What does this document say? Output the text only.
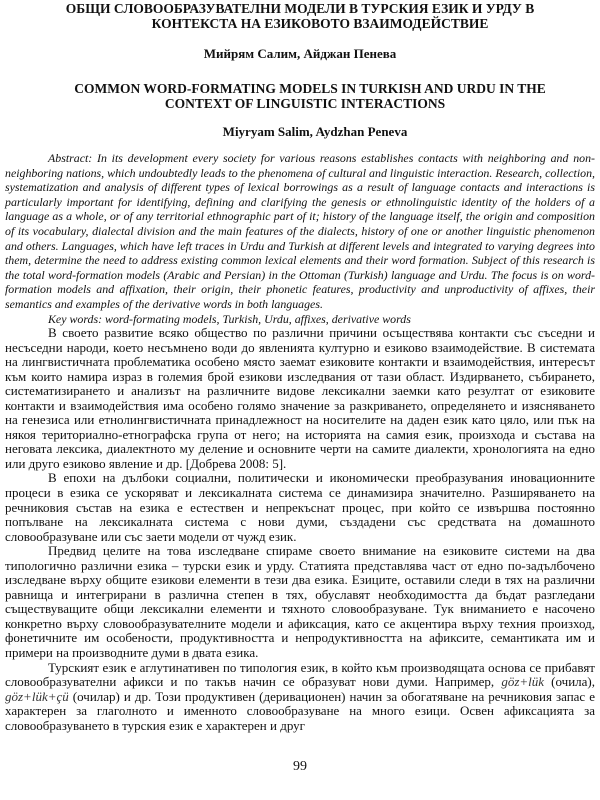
ОБЩИ СЛОВООБРАЗУВАТЕЛНИ МОДЕЛИ В ТУРСКИЯ ЕЗИК И УРДУ В
КОНТЕКСТА НА ЕЗИКОВОТО ВЗАИМОДЕЙСТВИЕ
Мийрям Салим, Айджан Пенева
COMMON WORD-FORMATING MODELS IN TURKISH AND URDU IN THE
CONTEXT OF LINGUISTIC INTERACTIONS
Miyryam Salim, Aydzhan Peneva

Abstract: In its development every society for various reasons establishes contacts with neighboring and non-neighboring nations, which undoubtedly leads to the phenomena of cultural and linguistic interaction. Research, collection, systematization and analysis of different types of lexical borrowings as a result of language contacts and interactions is particularly important for identifying, defining and clarifying the genesis or ethnolinguistic identity of the holders of a language as a whole, or of any territorial ethnographic part of it; history of the language itself, the origin and composition of its vocabulary, dialectal division and the main features of the dialects, history of one or another linguistic phenomenon and others. Languages, which have left traces in Urdu and Turkish at different levels and integrated to varying degrees into them, determine the need to address existing common lexical elements and their word formation. Subject of this research is the total word-formation models (Arabic and Persian) in the Ottoman (Turkish) language and Urdu. The focus is on word-formation models and affixation, their origin, their phonetic features, productivity and unproductivity of affixes, their semantics and examples of the derivative words in both languages.

Key words: word-formating models, Turkish, Urdu, affixes, derivative words

В своето развитие всяко общество по различни причини осъществява контакти със съседни и несъседни народи, което несъмнено води до явленията културно и езиково взаимодействие. В системата на лингвистичната проблематика особено място заемат езиковите контакти и взаимодействия, интересът към които намира израз в големия брой езикови изследвания от тази област. Издирването, събирането, систематизирането и анализът на различните видове лексикални заемки като резултат от езиковите контакти и взаимодействия има особено голямо значение за разкриването, определянето и изясняването на генезиса или етнолингвистичната принадлежност на носителите на даден език като цяло, или пък на някоя териториално-етнографска група от него; на историята на самия език, произхода и състава на неговата лексика, диалектното му деление и основните черти на самите диалекти, хронологията на едно или друго езиково явление и др. [Добрева 2008: 5].

В епохи на дълбоки социални, политически и икономически преобразувания иновационните процеси в езика се ускоряват и лексикалната система се динамизира значително. Разширяването на речниковия състав на езика е естествен и непрекъснат процес, при който се извършва постоянно попълване на лексикалната система с нови думи, създадени със средствата на домашното словообразуване или със заети модели от чужд език.

Предвид целите на това изследване спираме своето внимание на езиковите системи на два типологично различни езика – турски език и урду. Статията представлява част от едно по-задълбочено изследване върху общите езикови елементи в тези два езика. Езиците, оставили следи в тях на различни равнища и интегрирани в различна степен в тях, обуславят необходимостта да бъдат разгледани съществуващите общи лексикални елементи и тяхното словообразуване. Тук вниманието е насочено конкретно върху словообразувателните модели и афиксация, като се акцентира върху техния произход, фонетичните им особености, продуктивността и непродуктивността на афиксите, семантиката им и примери на производните думи в двата езика.

Турският език е аглутинативен по типология език, в който към производящата основа се прибавят словообразувателни афикси и по такъв начин се образуват нови думи. Например, göz+lük (очила), göz+lük+çü (очилар) и др. Този продуктивен (деривационен) начин за обогатяване на речниковия запас е характерен за глаголното и именното словообразуване на много езици. Освен афиксацията за словообразуването в турския език е характерен и друг

99
